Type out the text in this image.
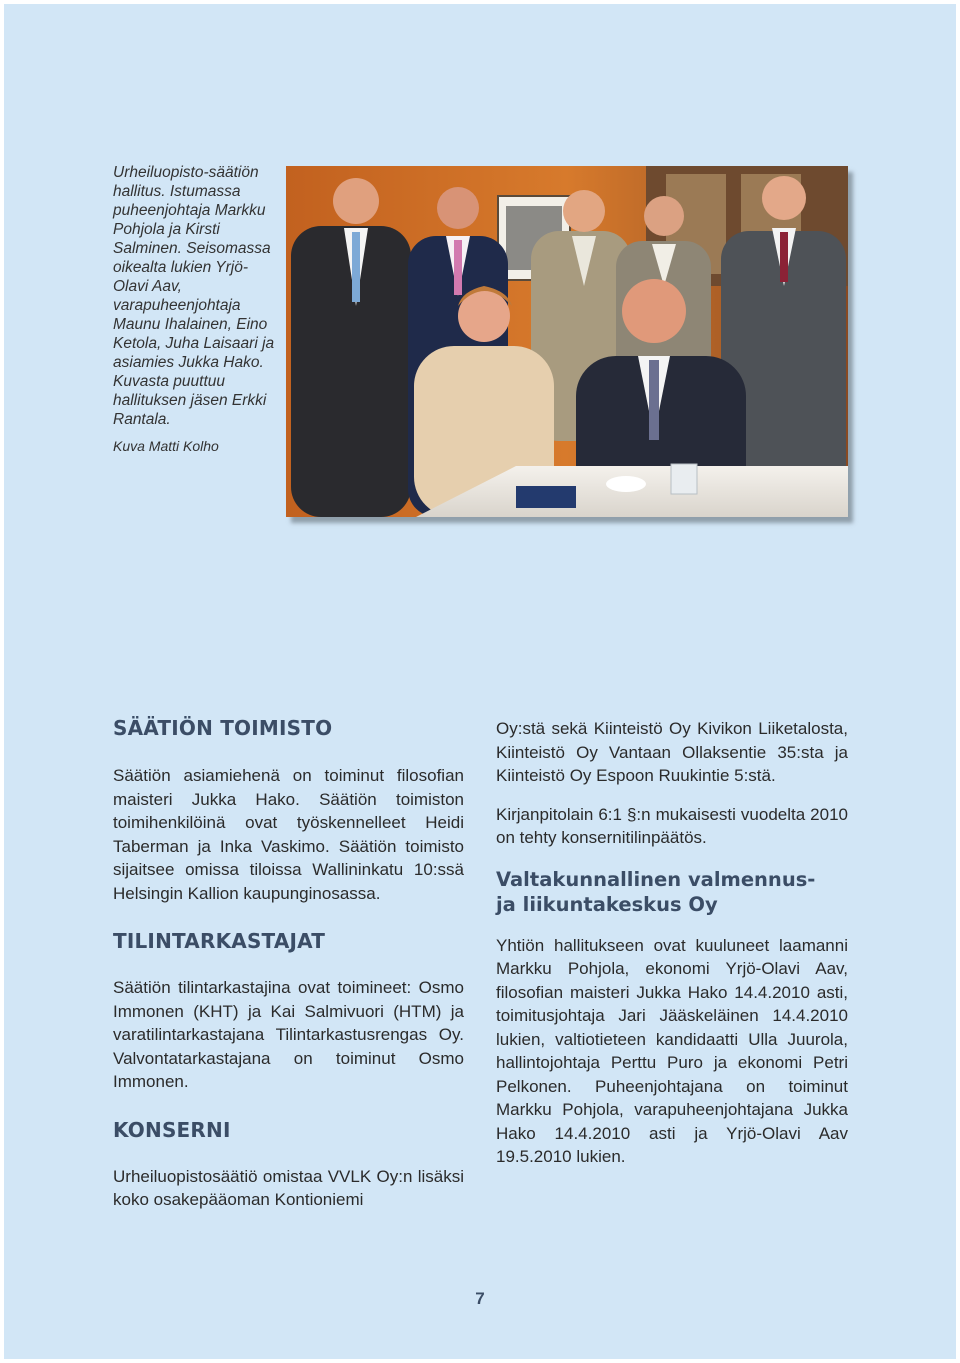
Urheiluopisto-säätiön hallitus. Istumassa puheenjohtaja Markku Pohjola ja Kirsti Salminen. Seisomassa oikealta lukien Yrjö-Olavi Aav, varapuheenjohtaja Maunu Ihalainen, Eino Ketola, Juha Laisaari ja asiamies Jukka Hako. Kuvasta puuttuu hallituksen jäsen Erkki Rantala.
Kuva Matti Kolho
SÄÄTIÖN TOIMISTO

Säätiön asiamiehenä on toiminut filosofian maisteri Jukka Hako. Säätiön toimiston toimihenkilöinä ovat työskennelleet Heidi Taberman ja Inka Vaskimo. Säätiön toimisto sijaitsee omissa tiloissa Wallininkatu 10:ssä Helsingin Kallion kaupunginosassa.

TILINTARKASTAJAT

Säätiön tilintarkastajina ovat toimineet: Osmo Immonen (KHT) ja Kai Salmivuori (HTM) ja varatilintarkastajana Tilintarkastusrengas Oy. Valvontatarkastajana on toiminut Osmo Immonen.

KONSERNI

Urheiluopistosäätiö omistaa VVLK Oy:n lisäksi koko osakepääoman Kontioniemi

Oy:stä sekä Kiinteistö Oy Kivikon Liiketalosta, Kiinteistö Oy Vantaan Ollaksentie 35:sta ja Kiinteistö Oy Espoon Ruukintie 5:stä.

Kirjanpitolain 6:1 §:n mukaisesti vuodelta 2010 on tehty konsernitilinpäätös.

Valtakunnallinen valmennus-
ja liikuntakeskus Oy

Yhtiön hallitukseen ovat kuuluneet laamanni Markku Pohjola, ekonomi Yrjö-Olavi Aav, filosofian maisteri Jukka Hako 14.4.2010 asti, toimitusjohtaja Jari Jääskeläinen 14.4.2010 lukien, valtiotieteen kandidaatti Ulla Juurola, hallintojohtaja Perttu Puro ja ekonomi Petri Pelkonen. Puheenjohtajana on toiminut Markku Pohjola, varapuheenjohtajana Jukka Hako 14.4.2010 asti ja Yrjö-Olavi Aav 19.5.2010 lukien.

7
